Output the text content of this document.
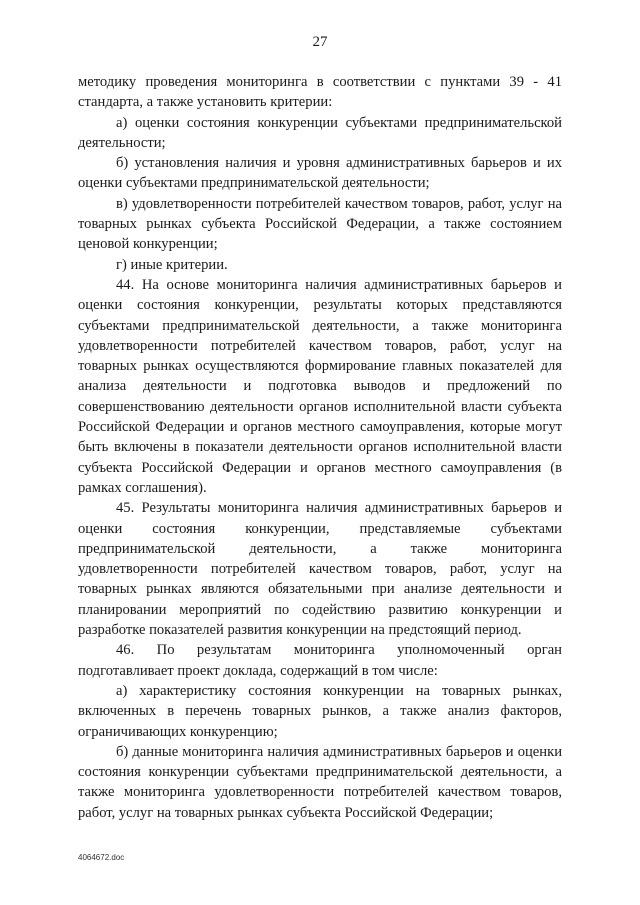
27

методику проведения мониторинга в соответствии с пунктами 39 - 41 стандарта, а также установить критерии:

а) оценки состояния конкуренции субъектами предпринимательской деятельности;

б) установления наличия и уровня административных барьеров и их оценки субъектами предпринимательской деятельности;

в) удовлетворенности потребителей качеством товаров, работ, услуг на товарных рынках субъекта Российской Федерации, а также состоянием ценовой конкуренции;

г) иные критерии.

44. На основе мониторинга наличия административных барьеров и оценки состояния конкуренции, результаты которых представляются субъектами предпринимательской деятельности, а также мониторинга удовлетворенности потребителей качеством товаров, работ, услуг на товарных рынках осуществляются формирование главных показателей для анализа деятельности и подготовка выводов и предложений по совершенствованию деятельности органов исполнительной власти субъекта Российской Федерации и органов местного самоуправления, которые могут быть включены в показатели деятельности органов исполнительной власти субъекта Российской Федерации и органов местного самоуправления (в рамках соглашения).

45. Результаты мониторинга наличия административных барьеров и оценки состояния конкуренции, представляемые субъектами предпринимательской деятельности, а также мониторинга удовлетворенности потребителей качеством товаров, работ, услуг на товарных рынках являются обязательными при анализе деятельности и планировании мероприятий по содействию развитию конкуренции и разработке показателей развития конкуренции на предстоящий период.

46. По результатам мониторинга уполномоченный орган подготавливает проект доклада, содержащий в том числе:

а) характеристику состояния конкуренции на товарных рынках, включенных в перечень товарных рынков, а также анализ факторов, ограничивающих конкуренцию;

б) данные мониторинга наличия административных барьеров и оценки состояния конкуренции субъектами предпринимательской деятельности, а также мониторинга удовлетворенности потребителей качеством товаров, работ, услуг на товарных рынках субъекта Российской Федерации;

4064672.doc
